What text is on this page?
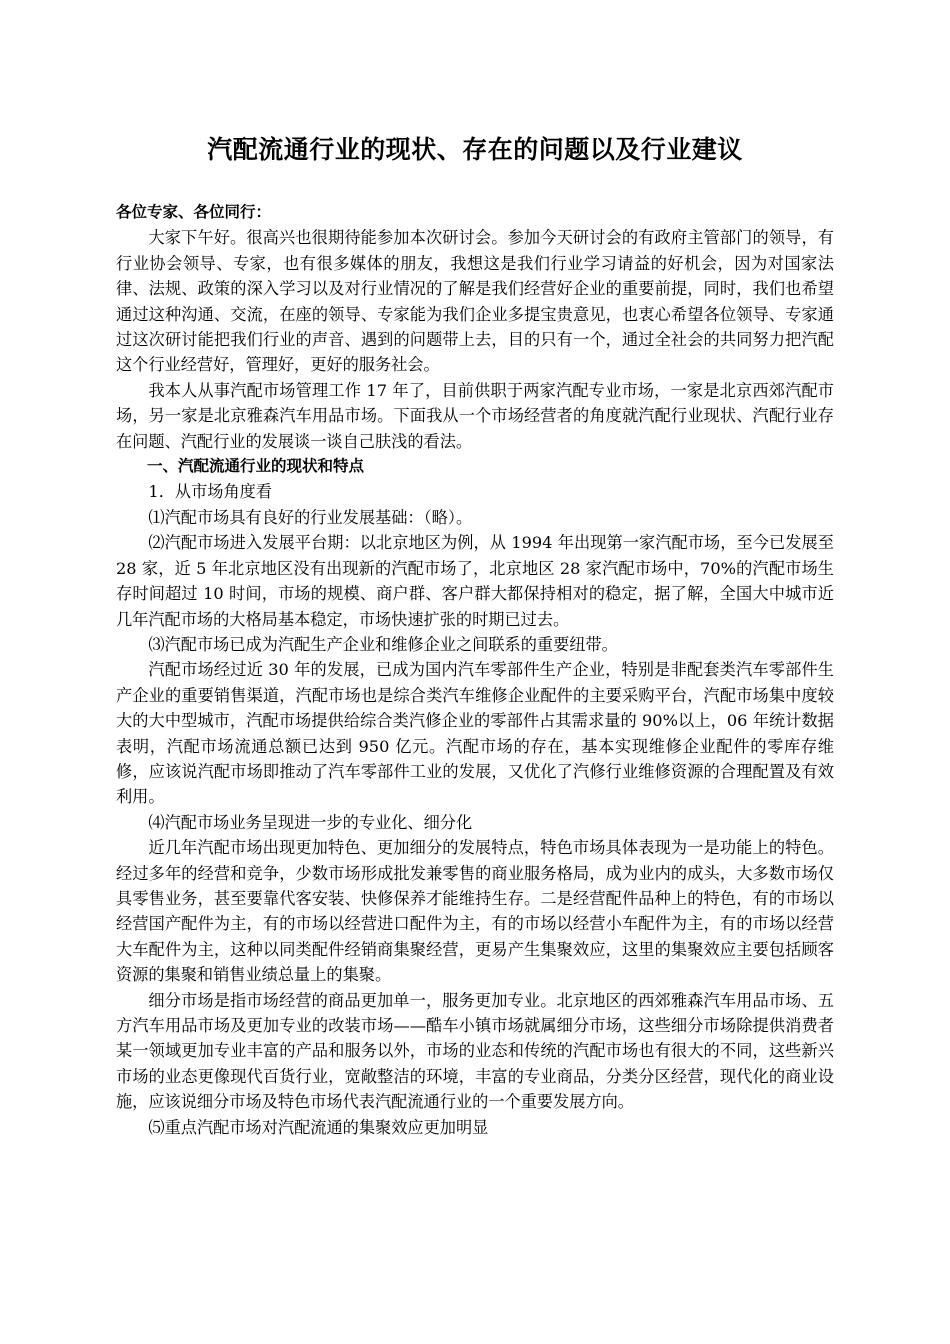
汽配流通行业的现状、存在的问题以及行业建议

各位专家、各位同行：

大家下午好。很高兴也很期待能参加本次研讨会。参加今天研讨会的有政府主管部门的领导，有行业协会领导、专家，也有很多媒体的朋友，我想这是我们行业学习请益的好机会，因为对国家法律、法规、政策的深入学习以及对行业情况的了解是我们经营好企业的重要前提，同时，我们也希望通过这种沟通、交流，在座的领导、专家能为我们企业多提宝贵意见，也衷心希望各位领导、专家通过这次研讨能把我们行业的声音、遇到的问题带上去，目的只有一个，通过全社会的共同努力把汽配这个行业经营好，管理好，更好的服务社会。

我本人从事汽配市场管理工作 17 年了，目前供职于两家汽配专业市场，一家是北京西郊汽配市场，另一家是北京雅森汽车用品市场。下面我从一个市场经营者的角度就汽配行业现状、汽配行业存在问题、汽配行业的发展谈一谈自己肤浅的看法。

一、汽配流通行业的现状和特点

1．从市场角度看

⑴汽配市场具有良好的行业发展基础：（略）。

⑵汽配市场进入发展平台期：以北京地区为例，从 1994 年出现第一家汽配市场，至今已发展至 28 家，近 5 年北京地区没有出现新的汽配市场了，北京地区 28 家汽配市场中，70%的汽配市场生存时间超过 10 时间，市场的规模、商户群、客户群大都保持相对的稳定，据了解，全国大中城市近几年汽配市场的大格局基本稳定，市场快速扩张的时期已过去。

⑶汽配市场已成为汽配生产企业和维修企业之间联系的重要纽带。

汽配市场经过近 30 年的发展，已成为国内汽车零部件生产企业，特别是非配套类汽车零部件生产企业的重要销售渠道，汽配市场也是综合类汽车维修企业配件的主要采购平台，汽配市场集中度较大的大中型城市，汽配市场提供给综合类汽修企业的零部件占其需求量的 90%以上，06 年统计数据表明，汽配市场流通总额已达到 950 亿元。汽配市场的存在，基本实现维修企业配件的零库存维修，应该说汽配市场即推动了汽车零部件工业的发展，又优化了汽修行业维修资源的合理配置及有效利用。

⑷汽配市场业务呈现进一步的专业化、细分化

近几年汽配市场出现更加特色、更加细分的发展特点，特色市场具体表现为一是功能上的特色。经过多年的经营和竞争，少数市场形成批发兼零售的商业服务格局，成为业内的成头，大多数市场仅具零售业务，甚至要靠代客安装、快修保养才能维持生存。二是经营配件品种上的特色，有的市场以经营国产配件为主，有的市场以经营进口配件为主，有的市场以经营小车配件为主，有的市场以经营大车配件为主，这种以同类配件经销商集聚经营，更易产生集聚效应，这里的集聚效应主要包括顾客资源的集聚和销售业绩总量上的集聚。

细分市场是指市场经营的商品更加单一，服务更加专业。北京地区的西郊雅森汽车用品市场、五方汽车用品市场及更加专业的改装市场——酷车小镇市场就属细分市场，这些细分市场除提供消费者某一领域更加专业丰富的产品和服务以外，市场的业态和传统的汽配市场也有很大的不同，这些新兴市场的业态更像现代百货行业，宽敞整洁的环境，丰富的专业商品，分类分区经营，现代化的商业设施，应该说细分市场及特色市场代表汽配流通行业的一个重要发展方向。

⑸重点汽配市场对汽配流通的集聚效应更加明显
